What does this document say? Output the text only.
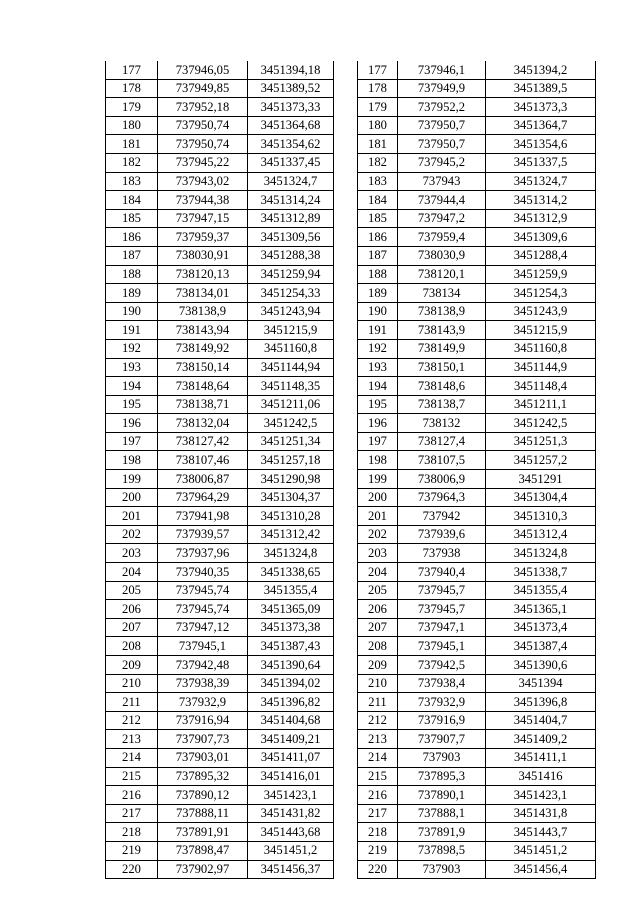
177	737946,05	3451394,18
178	737949,85	3451389,52
179	737952,18	3451373,33
180	737950,74	3451364,68
181	737950,74	3451354,62
182	737945,22	3451337,45
183	737943,02	3451324,7
184	737944,38	3451314,24
185	737947,15	3451312,89
186	737959,37	3451309,56
187	738030,91	3451288,38
188	738120,13	3451259,94
189	738134,01	3451254,33
190	738138,9	3451243,94
191	738143,94	3451215,9
192	738149,92	3451160,8
193	738150,14	3451144,94
194	738148,64	3451148,35
195	738138,71	3451211,06
196	738132,04	3451242,5
197	738127,42	3451251,34
198	738107,46	3451257,18
199	738006,87	3451290,98
200	737964,29	3451304,37
201	737941,98	3451310,28
202	737939,57	3451312,42
203	737937,96	3451324,8
204	737940,35	3451338,65
205	737945,74	3451355,4
206	737945,74	3451365,09
207	737947,12	3451373,38
208	737945,1	3451387,43
209	737942,48	3451390,64
210	737938,39	3451394,02
211	737932,9	3451396,82
212	737916,94	3451404,68
213	737907,73	3451409,21
214	737903,01	3451411,07
215	737895,32	3451416,01
216	737890,12	3451423,1
217	737888,11	3451431,82
218	737891,91	3451443,68
219	737898,47	3451451,2
220	737902,97	3451456,37
177	737946,1	3451394,2
178	737949,9	3451389,5
179	737952,2	3451373,3
180	737950,7	3451364,7
181	737950,7	3451354,6
182	737945,2	3451337,5
183	737943	3451324,7
184	737944,4	3451314,2
185	737947,2	3451312,9
186	737959,4	3451309,6
187	738030,9	3451288,4
188	738120,1	3451259,9
189	738134	3451254,3
190	738138,9	3451243,9
191	738143,9	3451215,9
192	738149,9	3451160,8
193	738150,1	3451144,9
194	738148,6	3451148,4
195	738138,7	3451211,1
196	738132	3451242,5
197	738127,4	3451251,3
198	738107,5	3451257,2
199	738006,9	3451291
200	737964,3	3451304,4
201	737942	3451310,3
202	737939,6	3451312,4
203	737938	3451324,8
204	737940,4	3451338,7
205	737945,7	3451355,4
206	737945,7	3451365,1
207	737947,1	3451373,4
208	737945,1	3451387,4
209	737942,5	3451390,6
210	737938,4	3451394
211	737932,9	3451396,8
212	737916,9	3451404,7
213	737907,7	3451409,2
214	737903	3451411,1
215	737895,3	3451416
216	737890,1	3451423,1
217	737888,1	3451431,8
218	737891,9	3451443,7
219	737898,5	3451451,2
220	737903	3451456,4
